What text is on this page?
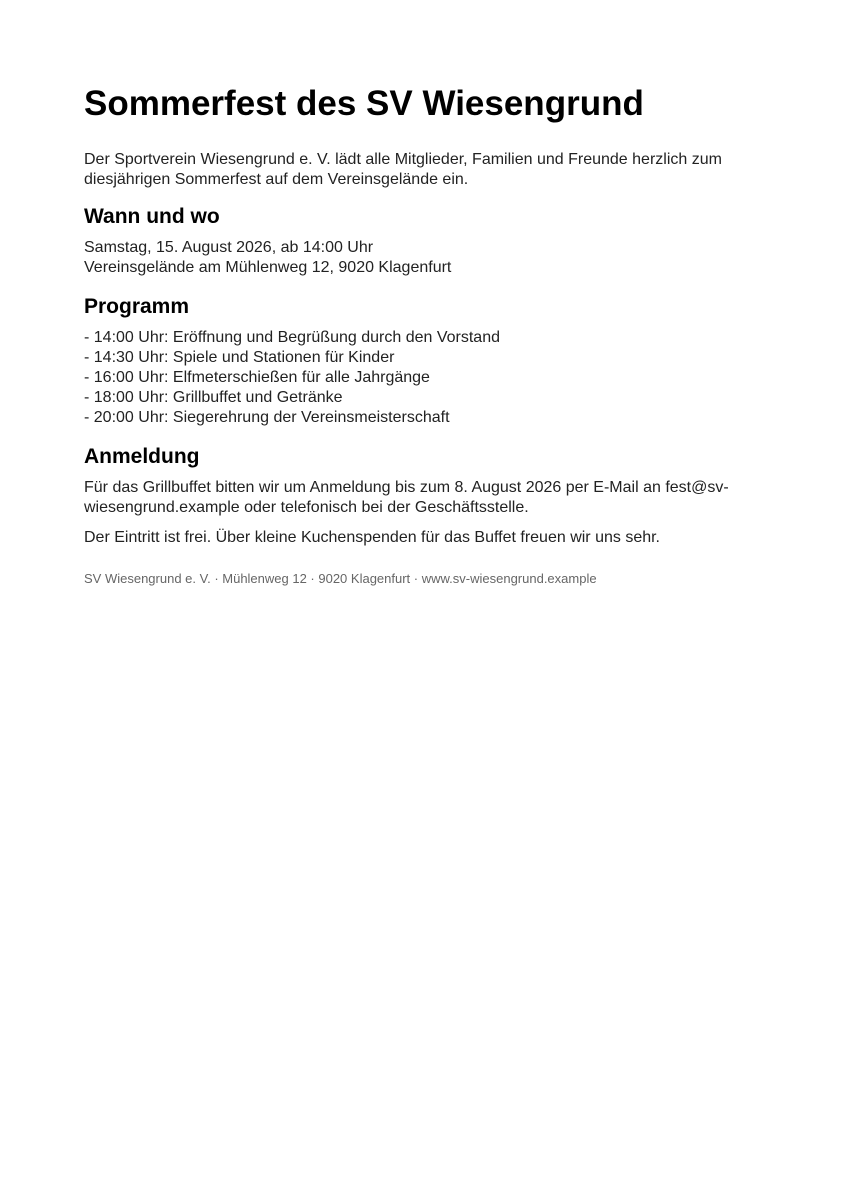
Sommerfest des SV Wiesengrund

Der Sportverein Wiesengrund e. V. lädt alle Mitglieder, Familien und Freunde herzlich zum diesjährigen Sommerfest auf dem Vereinsgelände ein.

Wann und wo
Samstag, 15. August 2026, ab 14:00 Uhr
Vereinsgelände am Mühlenweg 12, 9020 Klagenfurt
Programm
- 14:00 Uhr: Eröffnung und Begrüßung durch den Vorstand
- 14:30 Uhr: Spiele und Stationen für Kinder
- 16:00 Uhr: Elfmeterschießen für alle Jahrgänge
- 18:00 Uhr: Grillbuffet und Getränke
- 20:00 Uhr: Siegerehrung der Vereinsmeisterschaft
Anmeldung

Für das Grillbuffet bitten wir um Anmeldung bis zum 8. August 2026 per E-Mail an fest@sv-wiesengrund.example oder telefonisch bei der Geschäftsstelle.

Der Eintritt ist frei. Über kleine Kuchenspenden für das Buffet freuen wir uns sehr.

SV Wiesengrund e. V. · Mühlenweg 12 · 9020 Klagenfurt · www.sv-wiesengrund.example
